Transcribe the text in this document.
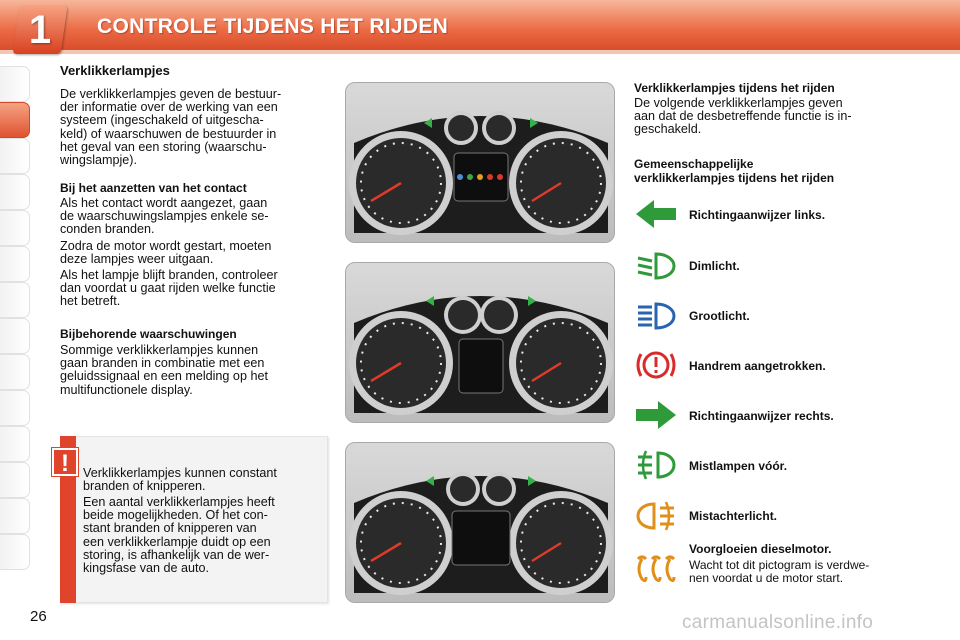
1	CONTROLE TIJDENS HET RIJDEN
Verklikkerlampjes
De verklikkerlampjes geven de bestuur-
der informatie over de werking van een
systeem (ingeschakeld of uitgescha-
keld) of waarschuwen de bestuurder in
het geval van een storing (waarschu-
wingslampje).
Bij het aanzetten van het contact
Als het contact wordt aangezet, gaan
de waarschuwingslampjes enkele se-
conden branden.
Zodra de motor wordt gestart, moeten
deze lampjes weer uitgaan.
Als het lampje blijft branden, controleer
dan voordat u gaat rijden welke functie
het betreft.
Bijbehorende waarschuwingen
Sommige verklikkerlampjes kunnen
gaan branden in combinatie met een
geluidssignaal en een melding op het
multifunctionele display.
!	Verklikkerlampjes kunnen constant
branden of knipperen.
Een aantal verklikkerlampjes heeft
beide mogelijkheden. Of het con-
stant branden of knipperen van
een verklikkerlampje duidt op een
storing, is afhankelijk van de wer-
kingsfase van de auto.
Verklikkerlampjes tijdens het rijden
De volgende verklikkerlampjes geven
aan dat de desbetreffende functie is in-
geschakeld.
Gemeenschappelijke
verklikkerlampjes tijdens het rijden
Richtingaanwijzer links.
Dimlicht.
Grootlicht.
Handrem aangetrokken.
Richtingaanwijzer rechts.
Mistlampen vóór.
Mistachterlicht.
Voorgloeien dieselmotor.
Wacht tot dit pictogram is verdwe-
nen voordat u de motor start.
26	carmanualsonline.info
